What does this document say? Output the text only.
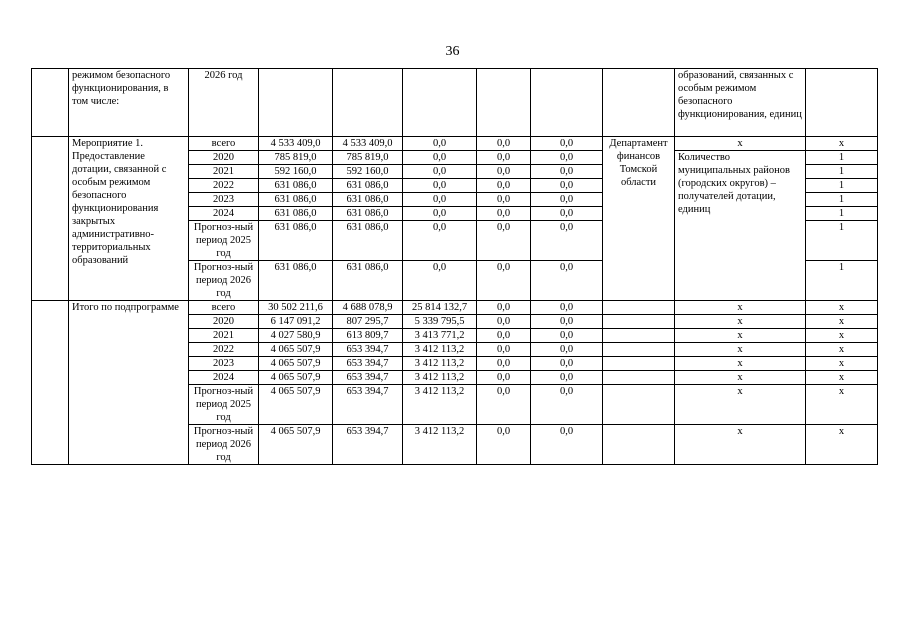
36
	режимом безопасного функционирования, в том числе:	2026 год							образований, связанных с особым режимом безопасного функционирования, единиц	
	Мероприятие 1. Предоставление дотации, связанной с особым режимом безопасного функционирования закрытых административно-территориальных образований	всего	4 533 409,0	4 533 409,0	0,0	0,0	0,0	Департамент финансов Томской области	x	x
		2020	785 819,0	785 819,0	0,0	0,0	0,0		Количество муниципальных районов (городских округов) – получателей дотации, единиц	1
		2021	592 160,0	592 160,0	0,0	0,0	0,0			1
		2022	631 086,0	631 086,0	0,0	0,0	0,0			1
		2023	631 086,0	631 086,0	0,0	0,0	0,0			1
		2024	631 086,0	631 086,0	0,0	0,0	0,0			1
		Прогноз-ный период 2025 год	631 086,0	631 086,0	0,0	0,0	0,0			1
		Прогноз-ный период 2026 год	631 086,0	631 086,0	0,0	0,0	0,0			1
	Итого по подпрограмме	всего	30 502 211,6	4 688 078,9	25 814 132,7	0,0	0,0		x	x
		2020	6 147 091,2	807 295,7	5 339 795,5	0,0	0,0		x	x
		2021	4 027 580,9	613 809,7	3 413 771,2	0,0	0,0		x	x
		2022	4 065 507,9	653 394,7	3 412 113,2	0,0	0,0		x	x
		2023	4 065 507,9	653 394,7	3 412 113,2	0,0	0,0		x	x
		2024	4 065 507,9	653 394,7	3 412 113,2	0,0	0,0		x	x
		Прогноз-ный период 2025 год	4 065 507,9	653 394,7	3 412 113,2	0,0	0,0		x	x
		Прогноз-ный период 2026 год	4 065 507,9	653 394,7	3 412 113,2	0,0	0,0		x	x
